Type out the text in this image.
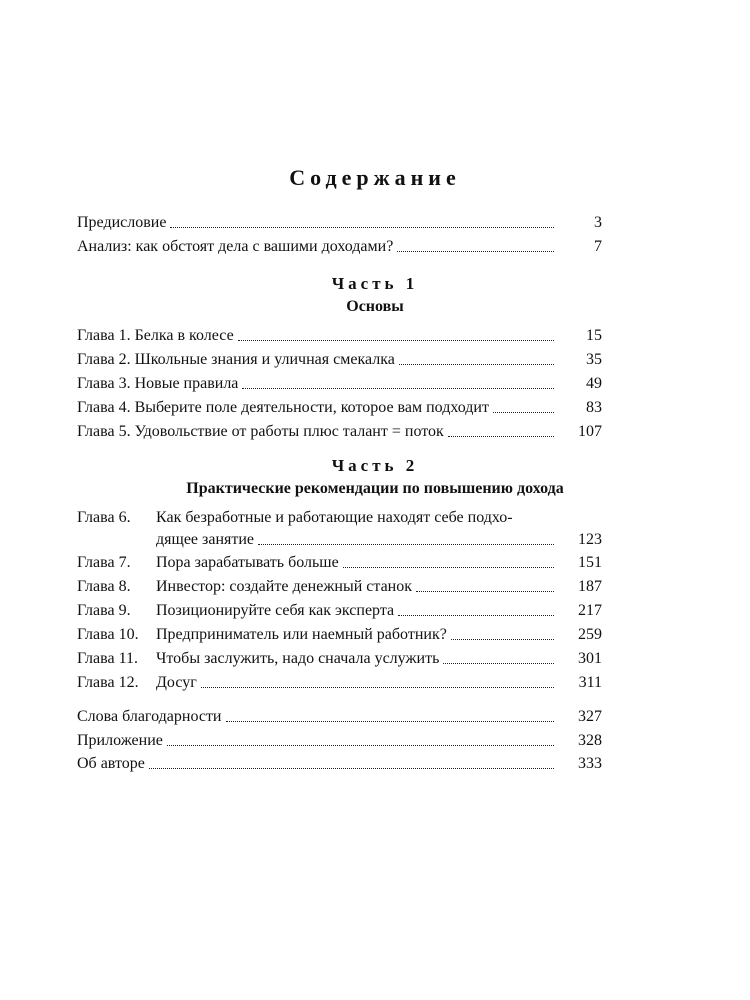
Содержание
Предисловие	3
Анализ: как обстоят дела с вашими доходами?	7
Часть 1
Основы
Глава 1. Белка в колесе	15
Глава 2. Школьные знания и уличная смекалка	35
Глава 3. Новые правила	49
Глава 4. Выберите поле деятельности, которое вам подходит	83
Глава 5. Удовольствие от работы плюс талант = поток	107
Часть 2
Практические рекомендации по повышению дохода
Глава 6. Как безработные и работающие находят себе подхо-
дящее занятие	123
Глава 7. Пора зарабатывать больше	151
Глава 8. Инвестор: создайте денежный станок	187
Глава 9. Позиционируйте себя как эксперта	217
Глава 10. Предприниматель или наемный работник?	259
Глава 11. Чтобы заслужить, надо сначала услужить	301
Глава 12. Досуг	311
Слова благодарности	327
Приложение	328
Об авторе	333
